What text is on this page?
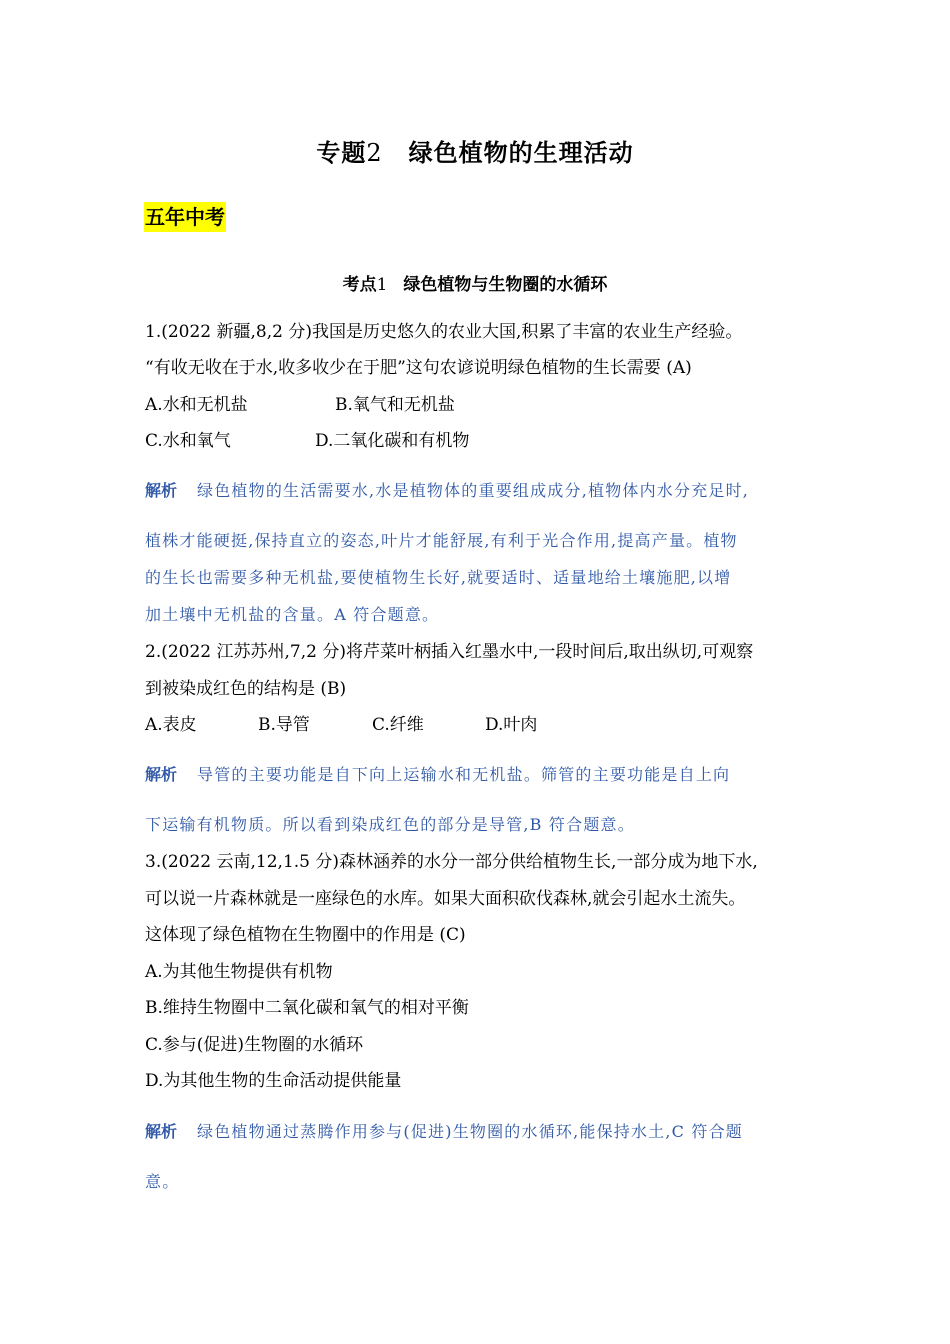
专题2 绿色植物的生理活动
五年中考
考点1 绿色植物与生物圈的水循环
1.(2022 新疆,8,2 分)我国是历史悠久的农业大国,积累了丰富的农业生产经验。
“有收无收在于水,收多收少在于肥”这句农谚说明绿色植物的生长需要 (A)
A.水和无机盐	B.氧气和无机盐
C.水和氧气	D.二氧化碳和有机物
解析 绿色植物的生活需要水,水是植物体的重要组成成分,植物体内水分充足时,
植株才能硬挺,保持直立的姿态,叶片才能舒展,有利于光合作用,提高产量。植物
的生长也需要多种无机盐,要使植物生长好,就要适时、适量地给土壤施肥,以增
加土壤中无机盐的含量。A 符合题意。
2.(2022 江苏苏州,7,2 分)将芹菜叶柄插入红墨水中,一段时间后,取出纵切,可观察
到被染成红色的结构是 (B)
A.表皮	B.导管	C.纤维	D.叶肉
解析 导管的主要功能是自下向上运输水和无机盐。筛管的主要功能是自上向
下运输有机物质。所以看到染成红色的部分是导管,B 符合题意。
3.(2022 云南,12,1.5 分)森林涵养的水分一部分供给植物生长,一部分成为地下水,
可以说一片森林就是一座绿色的水库。如果大面积砍伐森林,就会引起水土流失。
这体现了绿色植物在生物圈中的作用是 (C)
A.为其他生物提供有机物
B.维持生物圈中二氧化碳和氧气的相对平衡
C.参与(促进)生物圈的水循环
D.为其他生物的生命活动提供能量
解析 绿色植物通过蒸腾作用参与(促进)生物圈的水循环,能保持水土,C 符合题
意。
